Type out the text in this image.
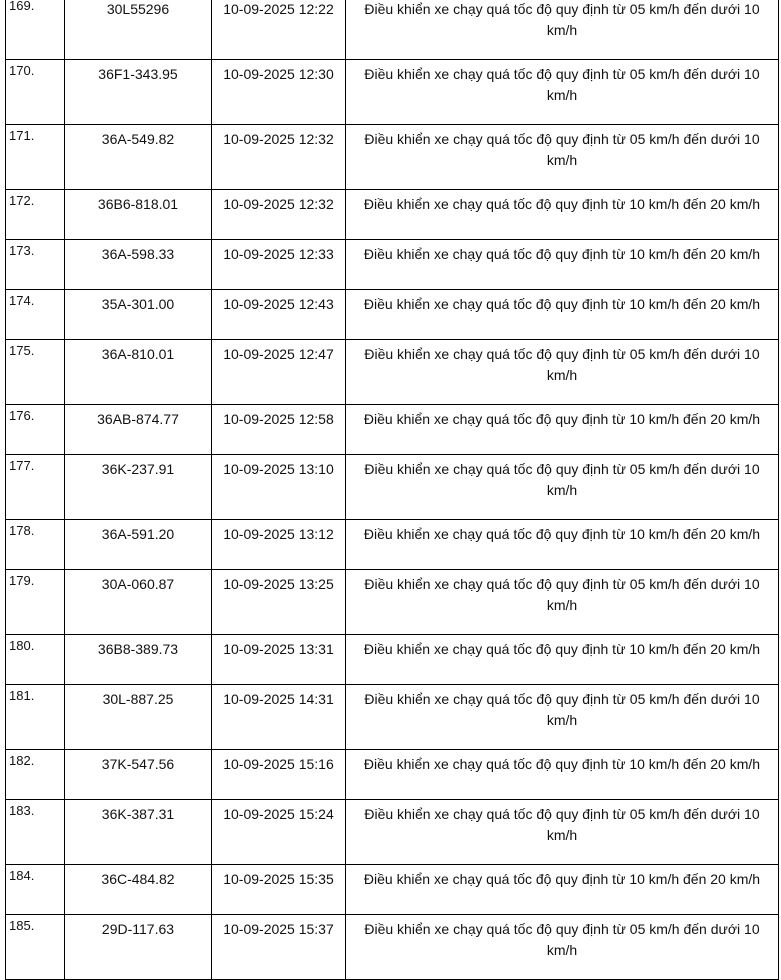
169.	30L55296	10-09-2025 12:22	Điều khiển xe chạy quá tốc độ quy định từ 05 km/h đến dưới 10 km/h
170.	36F1-343.95	10-09-2025 12:30	Điều khiển xe chạy quá tốc độ quy định từ 05 km/h đến dưới 10 km/h
171.	36A-549.82	10-09-2025 12:32	Điều khiển xe chạy quá tốc độ quy định từ 05 km/h đến dưới 10 km/h
172.	36B6-818.01	10-09-2025 12:32	Điều khiển xe chạy quá tốc độ quy định từ 10 km/h đến 20 km/h
173.	36A-598.33	10-09-2025 12:33	Điều khiển xe chạy quá tốc độ quy định từ 10 km/h đến 20 km/h
174.	35A-301.00	10-09-2025 12:43	Điều khiển xe chạy quá tốc độ quy định từ 10 km/h đến 20 km/h
175.	36A-810.01	10-09-2025 12:47	Điều khiển xe chạy quá tốc độ quy định từ 05 km/h đến dưới 10 km/h
176.	36AB-874.77	10-09-2025 12:58	Điều khiển xe chạy quá tốc độ quy định từ 10 km/h đến 20 km/h
177.	36K-237.91	10-09-2025 13:10	Điều khiển xe chạy quá tốc độ quy định từ 05 km/h đến dưới 10 km/h
178.	36A-591.20	10-09-2025 13:12	Điều khiển xe chạy quá tốc độ quy định từ 10 km/h đến 20 km/h
179.	30A-060.87	10-09-2025 13:25	Điều khiển xe chạy quá tốc độ quy định từ 05 km/h đến dưới 10 km/h
180.	36B8-389.73	10-09-2025 13:31	Điều khiển xe chạy quá tốc độ quy định từ 10 km/h đến 20 km/h
181.	30L-887.25	10-09-2025 14:31	Điều khiển xe chạy quá tốc độ quy định từ 05 km/h đến dưới 10 km/h
182.	37K-547.56	10-09-2025 15:16	Điều khiển xe chạy quá tốc độ quy định từ 10 km/h đến 20 km/h
183.	36K-387.31	10-09-2025 15:24	Điều khiển xe chạy quá tốc độ quy định từ 05 km/h đến dưới 10 km/h
184.	36C-484.82	10-09-2025 15:35	Điều khiển xe chạy quá tốc độ quy định từ 10 km/h đến 20 km/h
185.	29D-117.63	10-09-2025 15:37	Điều khiển xe chạy quá tốc độ quy định từ 05 km/h đến dưới 10 km/h
